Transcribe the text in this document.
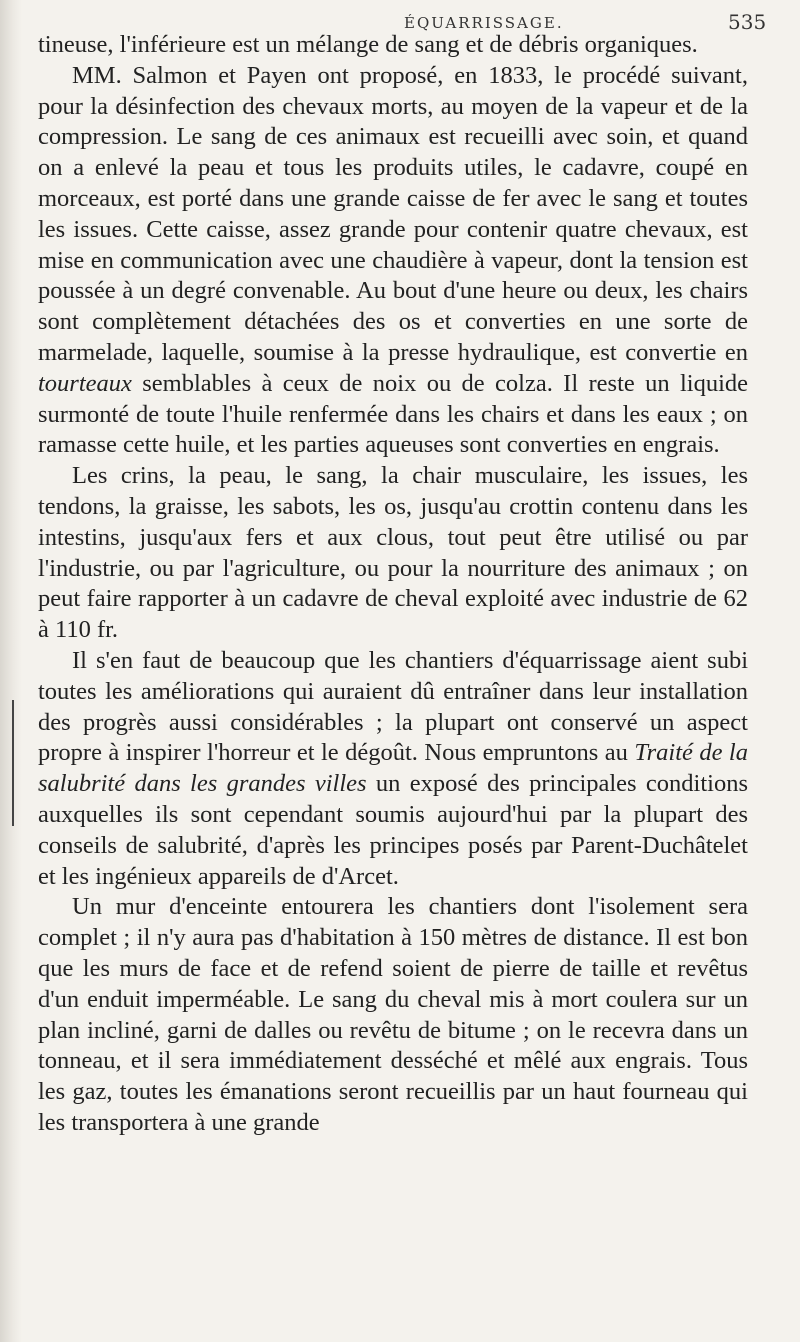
ÉQUARRISSAGE.	535

tineuse, l'inférieure est un mélange de sang et de débris organiques.

MM. Salmon et Payen ont proposé, en 1833, le procédé suivant, pour la désinfection des chevaux morts, au moyen de la vapeur et de la compression. Le sang de ces animaux est recueilli avec soin, et quand on a enlevé la peau et tous les produits utiles, le cadavre, coupé en morceaux, est porté dans une grande caisse de fer avec le sang et toutes les issues. Cette caisse, assez grande pour contenir quatre chevaux, est mise en communication avec une chaudière à vapeur, dont la tension est poussée à un degré convenable. Au bout d'une heure ou deux, les chairs sont complètement détachées des os et converties en une sorte de marmelade, laquelle, soumise à la presse hydraulique, est convertie en tourteaux semblables à ceux de noix ou de colza. Il reste un liquide surmonté de toute l'huile renfermée dans les chairs et dans les eaux ; on ramasse cette huile, et les parties aqueuses sont converties en engrais.

Les crins, la peau, le sang, la chair musculaire, les issues, les tendons, la graisse, les sabots, les os, jusqu'au crottin contenu dans les intestins, jusqu'aux fers et aux clous, tout peut être utilisé ou par l'industrie, ou par l'agriculture, ou pour la nourriture des animaux ; on peut faire rapporter à un cadavre de cheval exploité avec industrie de 62 à 110 fr.

Il s'en faut de beaucoup que les chantiers d'équarrissage aient subi toutes les améliorations qui auraient dû entraîner dans leur installation des progrès aussi considérables ; la plupart ont conservé un aspect propre à inspirer l'horreur et le dégoût. Nous empruntons au Traité de la salubrité dans les grandes villes un exposé des principales conditions auxquelles ils sont cependant soumis aujourd'hui par la plupart des conseils de salubrité, d'après les principes posés par Parent-Duchâtelet et les ingénieux appareils de d'Arcet.

Un mur d'enceinte entourera les chantiers dont l'isolement sera complet ; il n'y aura pas d'habitation à 150 mètres de distance. Il est bon que les murs de face et de refend soient de pierre de taille et revêtus d'un enduit imperméable. Le sang du cheval mis à mort coulera sur un plan incliné, garni de dalles ou revêtu de bitume ; on le recevra dans un tonneau, et il sera immédiatement desséché et mêlé aux engrais. Tous les gaz, toutes les émanations seront recueillis par un haut fourneau qui les transportera à une grande
